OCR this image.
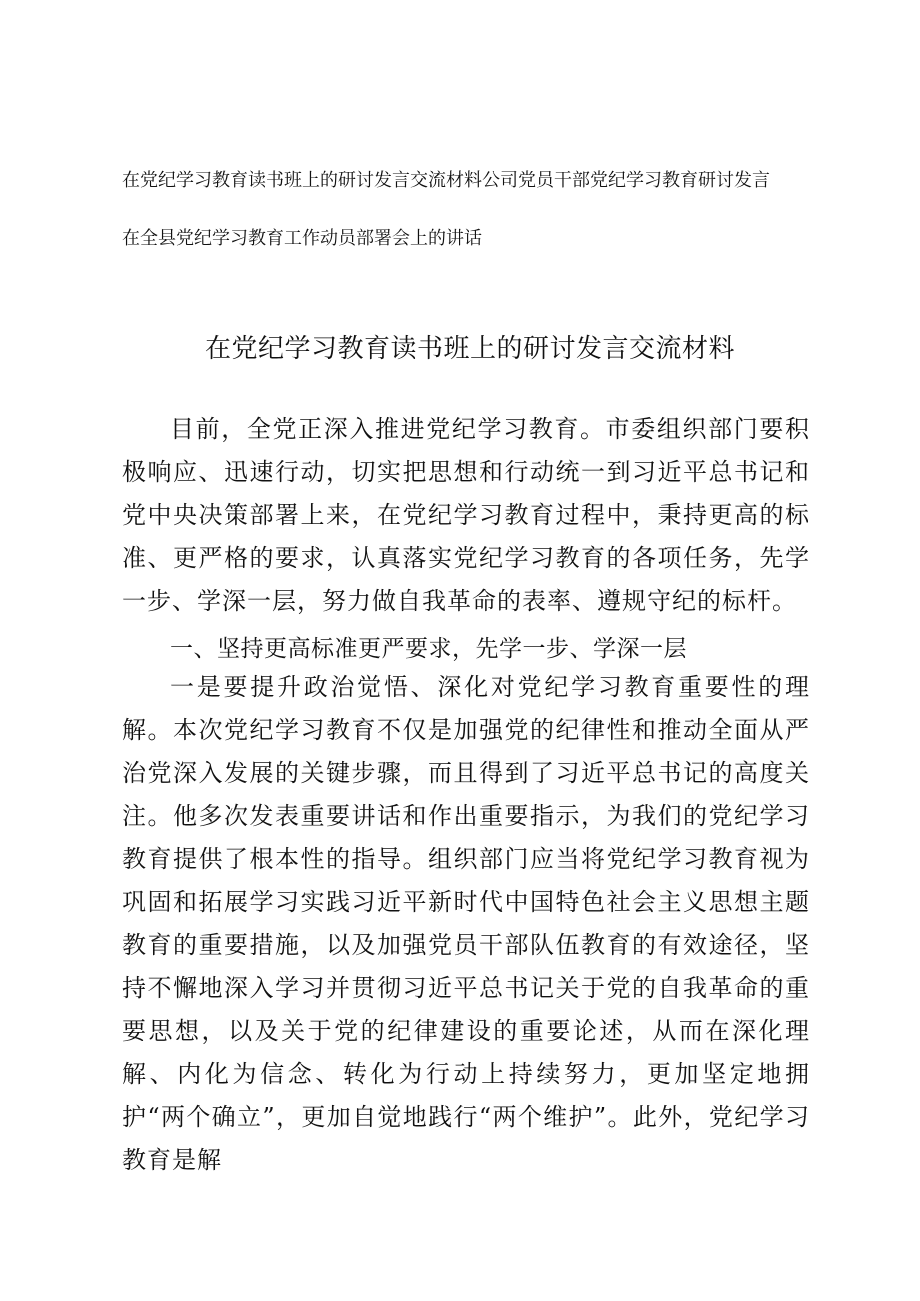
在党纪学习教育读书班上的研讨发言交流材料公司党员干部党纪学习教育研讨发言
在全县党纪学习教育工作动员部署会上的讲话
在党纪学习教育读书班上的研讨发言交流材料

目前，全党正深入推进党纪学习教育。市委组织部门要积极响应、迅速行动，切实把思想和行动统一到习近平总书记和党中央决策部署上来，在党纪学习教育过程中，秉持更高的标准、更严格的要求，认真落实党纪学习教育的各项任务，先学一步、学深一层，努力做自我革命的表率、遵规守纪的标杆。

一、坚持更高标准更严要求，先学一步、学深一层

一是要提升政治觉悟、深化对党纪学习教育重要性的理解。本次党纪学习教育不仅是加强党的纪律性和推动全面从严治党深入发展的关键步骤，而且得到了习近平总书记的高度关注。他多次发表重要讲话和作出重要指示，为我们的党纪学习教育提供了根本性的指导。组织部门应当将党纪学习教育视为巩固和拓展学习实践习近平新时代中国特色社会主义思想主题教育的重要措施，以及加强党员干部队伍教育的有效途径，坚持不懈地深入学习并贯彻习近平总书记关于党的自我革命的重要思想，以及关于党的纪律建设的重要论述，从而在深化理解、内化为信念、转化为行动上持续努力，更加坚定地拥护“两个确立”，更加自觉地践行“两个维护”。此外，党纪学习教育是解
